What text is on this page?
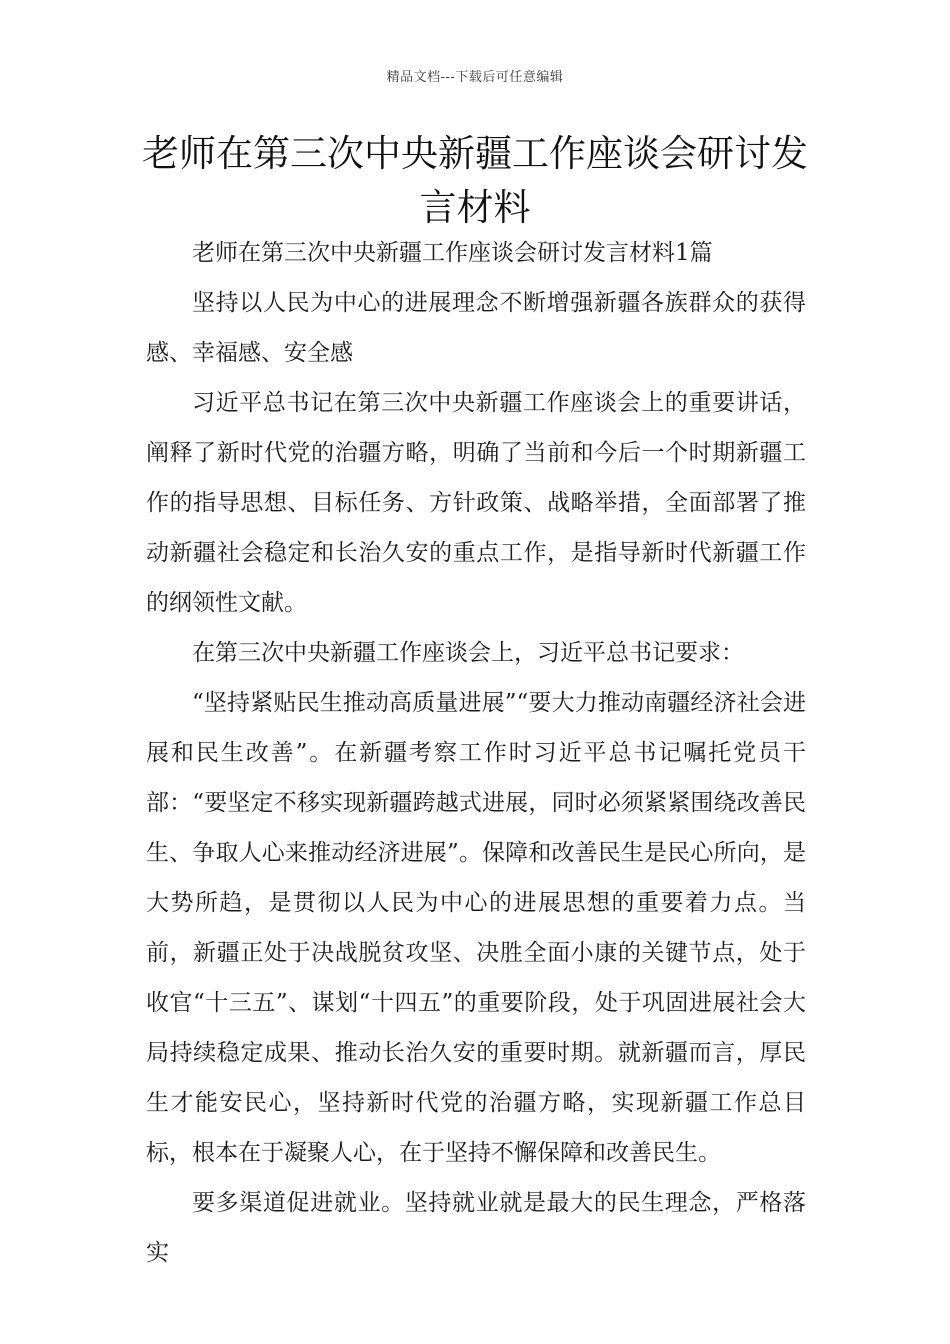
精品文档---下载后可任意编辑
老师在第三次中央新疆工作座谈会研讨发言材料

老师在第三次中央新疆工作座谈会研讨发言材料1篇

坚持以人民为中心的进展理念不断增强新疆各族群众的获得感、幸福感、安全感

习近平总书记在第三次中央新疆工作座谈会上的重要讲话，阐释了新时代党的治疆方略，明确了当前和今后一个时期新疆工作的指导思想、目标任务、方针政策、战略举措，全面部署了推动新疆社会稳定和长治久安的重点工作，是指导新时代新疆工作的纲领性文献。

在第三次中央新疆工作座谈会上，习近平总书记要求：

“坚持紧贴民生推动高质量进展”“要大力推动南疆经济社会进展和民生改善”。在新疆考察工作时习近平总书记嘱托党员干部：“要坚定不移实现新疆跨越式进展，同时必须紧紧围绕改善民生、争取人心来推动经济进展”。保障和改善民生是民心所向，是大势所趋，是贯彻以人民为中心的进展思想的重要着力点。当前，新疆正处于决战脱贫攻坚、决胜全面小康的关键节点，处于收官“十三五”、谋划“十四五”的重要阶段，处于巩固进展社会大局持续稳定成果、推动长治久安的重要时期。就新疆而言，厚民生才能安民心，坚持新时代党的治疆方略，实现新疆工作总目标，根本在于凝聚人心，在于坚持不懈保障和改善民生。

要多渠道促进就业。坚持就业就是最大的民生理念，严格落实
